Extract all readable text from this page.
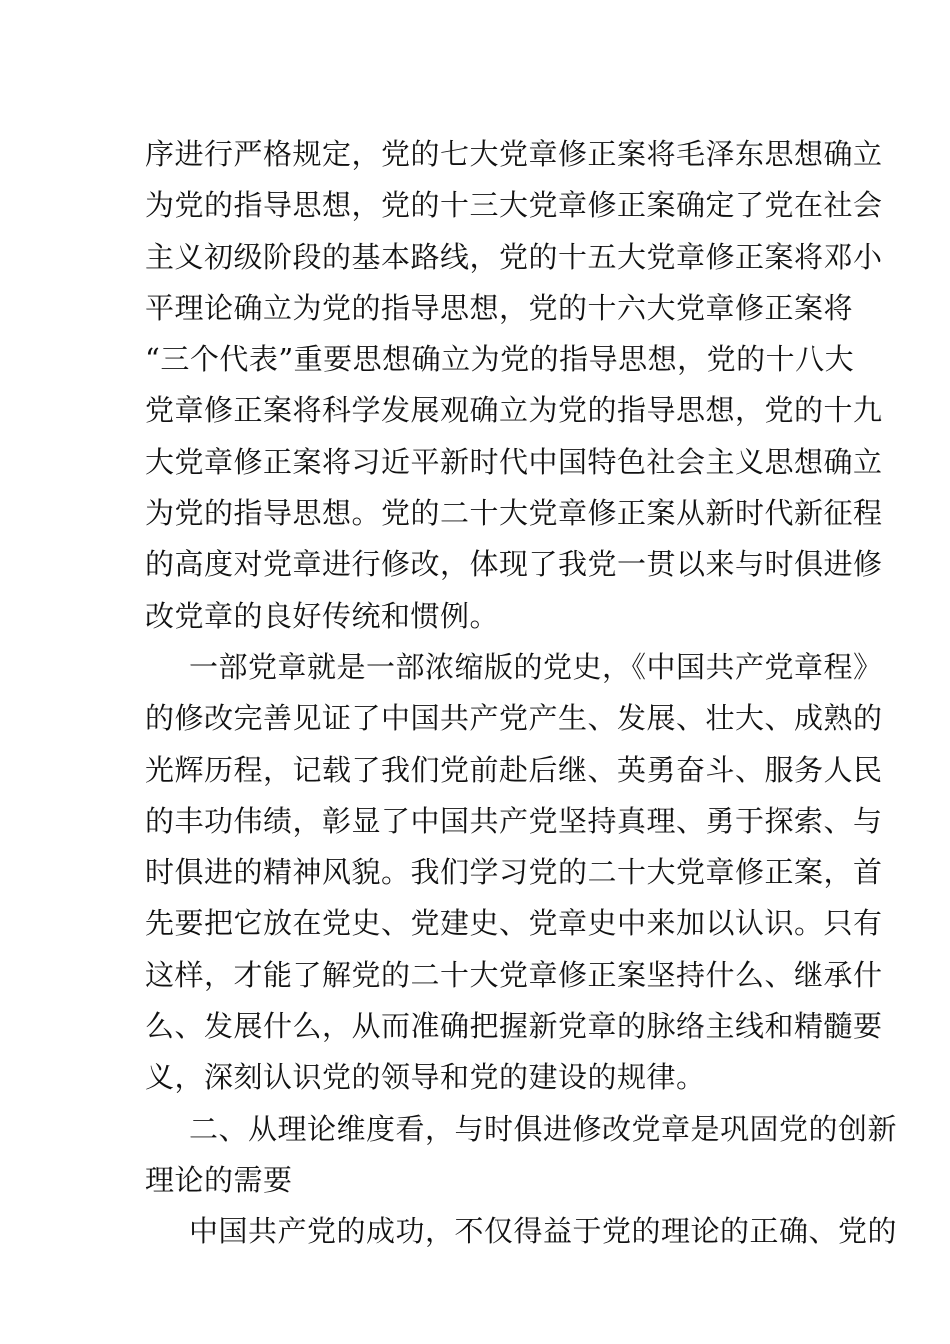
序进行严格规定，党的七大党章修正案将毛泽东思想确立
为党的指导思想，党的十三大党章修正案确定了党在社会
主义初级阶段的基本路线，党的十五大党章修正案将邓小
平理论确立为党的指导思想，党的十六大党章修正案将
“三个代表”重要思想确立为党的指导思想，党的十八大
党章修正案将科学发展观确立为党的指导思想，党的十九
大党章修正案将习近平新时代中国特色社会主义思想确立
为党的指导思想。党的二十大党章修正案从新时代新征程
的高度对党章进行修改，体现了我党一贯以来与时俱进修
改党章的良好传统和惯例。

一部党章就是一部浓缩版的党史，《中国共产党章程》
的修改完善见证了中国共产党产生、发展、壮大、成熟的
光辉历程，记载了我们党前赴后继、英勇奋斗、服务人民
的丰功伟绩，彰显了中国共产党坚持真理、勇于探索、与
时俱进的精神风貌。我们学习党的二十大党章修正案，首
先要把它放在党史、党建史、党章史中来加以认识。只有
这样，才能了解党的二十大党章修正案坚持什么、继承什
么、发展什么，从而准确把握新党章的脉络主线和精髓要
义，深刻认识党的领导和党的建设的规律。

二、从理论维度看，与时俱进修改党章是巩固党的创新
理论的需要

中国共产党的成功，不仅得益于党的理论的正确、党的
